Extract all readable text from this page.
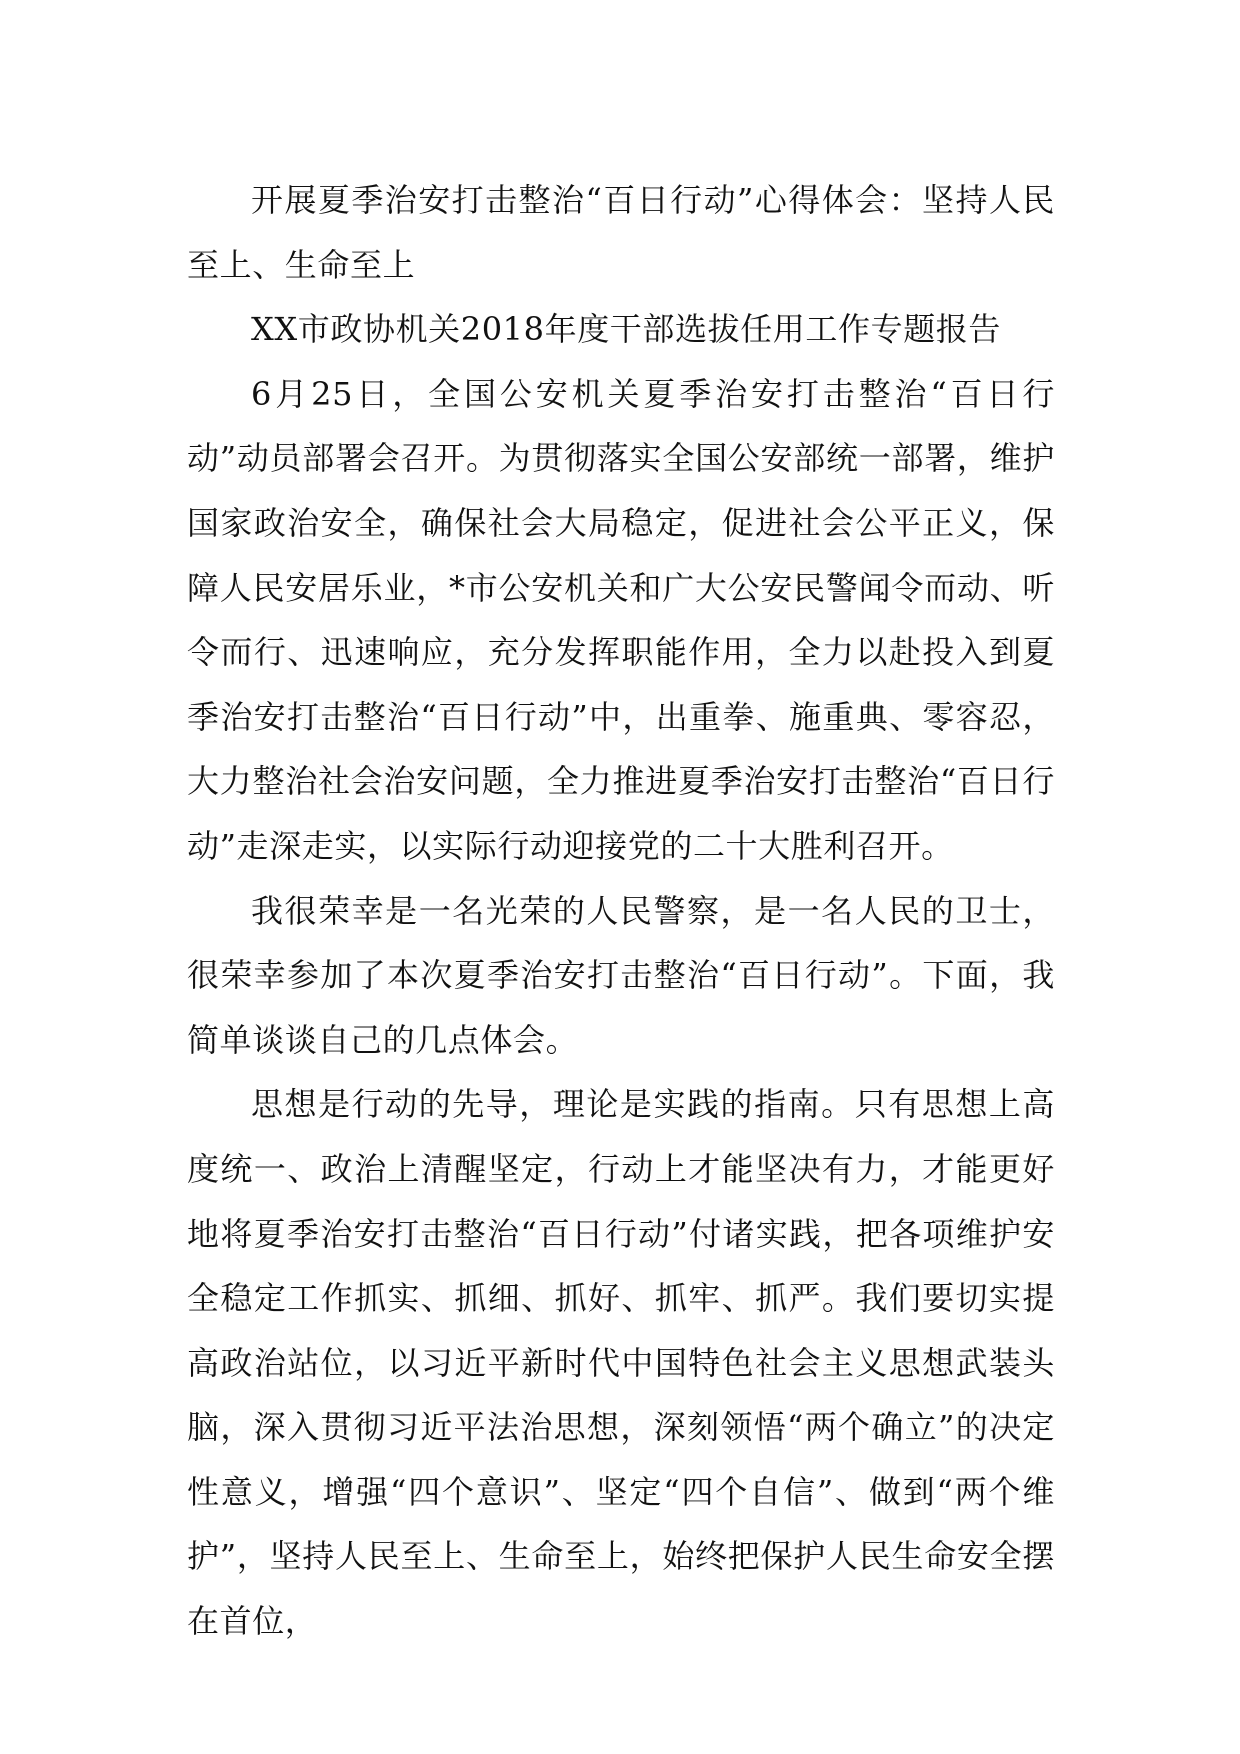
开展夏季治安打击整治“百日行动”心得体会：坚持人民至上、生命至上

XX市政协机关2018年度干部选拔任用工作专题报告

6月25日，全国公安机关夏季治安打击整治“百日行动”动员部署会召开。为贯彻落实全国公安部统一部署，维护国家政治安全，确保社会大局稳定，促进社会公平正义，保障人民安居乐业，*市公安机关和广大公安民警闻令而动、听令而行、迅速响应，充分发挥职能作用，全力以赴投入到夏季治安打击整治“百日行动”中，出重拳、施重典、零容忍，大力整治社会治安问题，全力推进夏季治安打击整治“百日行动”走深走实，以实际行动迎接党的二十大胜利召开。

我很荣幸是一名光荣的人民警察，是一名人民的卫士，很荣幸参加了本次夏季治安打击整治“百日行动”。下面，我简单谈谈自己的几点体会。

思想是行动的先导，理论是实践的指南。只有思想上高度统一、政治上清醒坚定，行动上才能坚决有力，才能更好地将夏季治安打击整治“百日行动”付诸实践，把各项维护安全稳定工作抓实、抓细、抓好、抓牢、抓严。我们要切实提高政治站位，以习近平新时代中国特色社会主义思想武装头脑，深入贯彻习近平法治思想，深刻领悟“两个确立”的决定性意义，增强“四个意识”、坚定“四个自信”、做到“两个维护”，坚持人民至上、生命至上，始终把保护人民生命安全摆在首位，
